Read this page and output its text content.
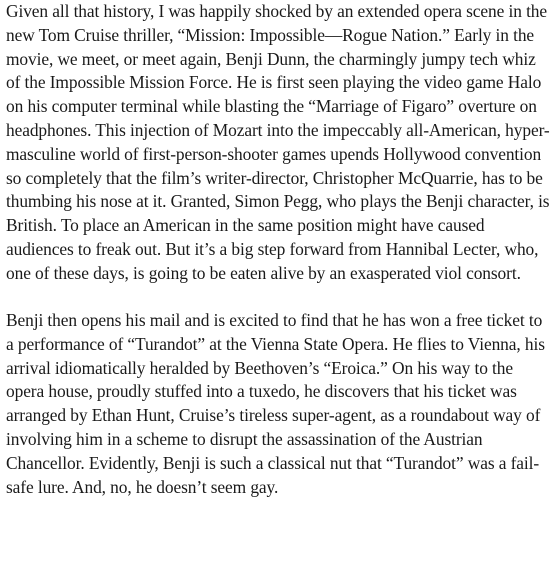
Given all that history, I was happily shocked by an extended opera scene in the new Tom Cruise thriller, “Mission: Impossible—Rogue Nation.” Early in the movie, we meet, or meet again, Benji Dunn, the charmingly jumpy tech whiz of the Impossible Mission Force. He is first seen playing the video game Halo on his computer terminal while blasting the “Marriage of Figaro” overture on headphones. This injection of Mozart into the impeccably all-American, hyper-masculine world of first-person-shooter games upends Hollywood convention so completely that the film’s writer-director, Christopher McQuarrie, has to be thumbing his nose at it. Granted, Simon Pegg, who plays the Benji character, is British. To place an American in the same position might have caused audiences to freak out. But it’s a big step forward from Hannibal Lecter, who, one of these days, is going to be eaten alive by an exasperated viol consort.

Benji then opens his mail and is excited to find that he has won a free ticket to a performance of “Turandot” at the Vienna State Opera. He flies to Vienna, his arrival idiomatically heralded by Beethoven’s “Eroica.” On his way to the opera house, proudly stuffed into a tuxedo, he discovers that his ticket was arranged by Ethan Hunt, Cruise’s tireless super-agent, as a roundabout way of involving him in a scheme to disrupt the assassination of the Austrian Chancellor. Evidently, Benji is such a classical nut that “Turandot” was a fail-safe lure. And, no, he doesn’t seem gay.
